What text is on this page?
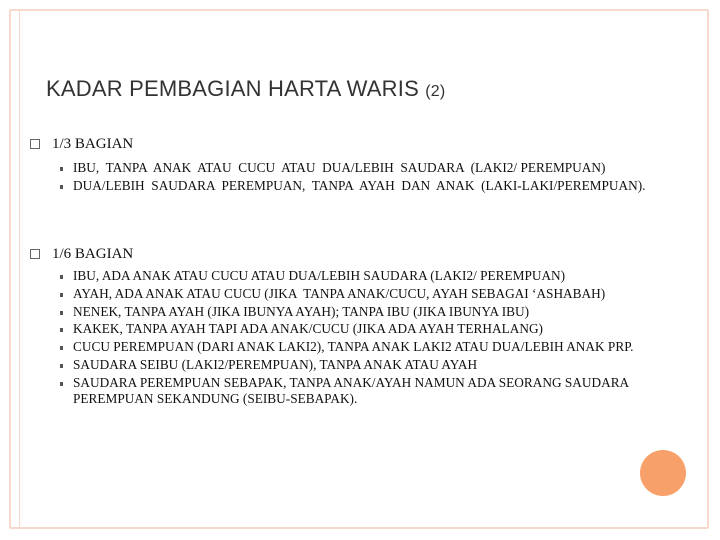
KADAR PEMBAGIAN HARTA WARIS (2)
1/3 BAGIAN
IBU,  TANPA  ANAK  ATAU  CUCU  ATAU  DUA/LEBIH  SAUDARA  (LAKI2/ PEREMPUAN)
DUA/LEBIH  SAUDARA  PEREMPUAN,  TANPA  AYAH  DAN  ANAK  (LAKI-LAKI/PEREMPUAN).
1/6 BAGIAN
IBU, ADA ANAK ATAU CUCU ATAU DUA/LEBIH SAUDARA (LAKI2/ PEREMPUAN)
AYAH, ADA ANAK ATAU CUCU (JIKA  TANPA ANAK/CUCU, AYAH SEBAGAI ‘ASHABAH)
NENEK, TANPA AYAH (JIKA IBUNYA AYAH); TANPA IBU (JIKA IBUNYA IBU)
KAKEK, TANPA AYAH TAPI ADA ANAK/CUCU (JIKA ADA AYAH TERHALANG)
CUCU PEREMPUAN (DARI ANAK LAKI2), TANPA ANAK LAKI2 ATAU DUA/LEBIH ANAK PRP.
SAUDARA SEIBU (LAKI2/PEREMPUAN), TANPA ANAK ATAU AYAH
SAUDARA PEREMPUAN SEBAPAK, TANPA ANAK/AYAH NAMUN ADA SEORANG SAUDARA PEREMPUAN SEKANDUNG (SEIBU-SEBAPAK).
